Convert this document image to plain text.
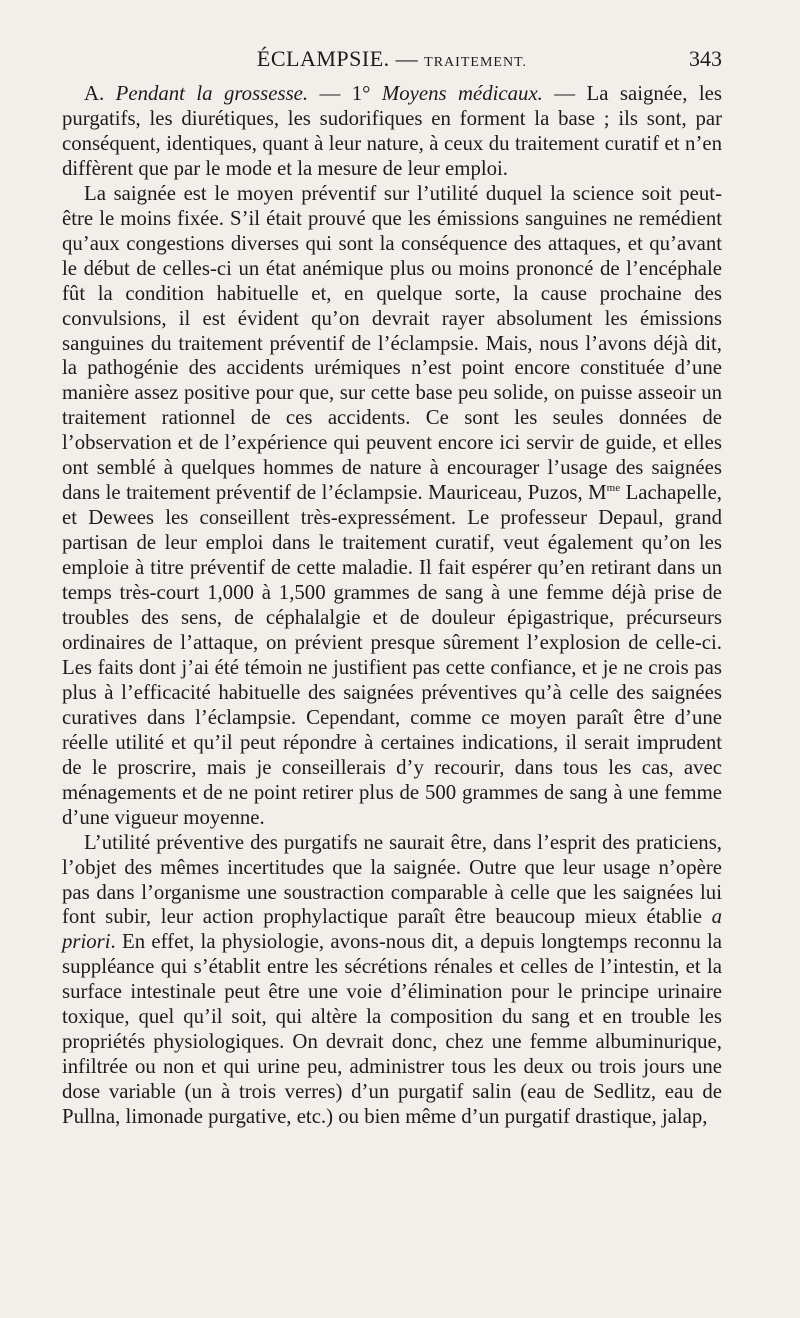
ÉCLAMPSIE. — TRAITEMENT.	343

A. Pendant la grossesse. — 1° Moyens médicaux. — La saignée, les purgatifs, les diurétiques, les sudorifiques en forment la base ; ils sont, par conséquent, identiques, quant à leur nature, à ceux du traitement curatif et n’en diffèrent que par le mode et la mesure de leur emploi.

La saignée est le moyen préventif sur l’utilité duquel la science soit peut-être le moins fixée. S’il était prouvé que les émissions sanguines ne remédient qu’aux congestions diverses qui sont la conséquence des attaques, et qu’avant le début de celles-ci un état anémique plus ou moins prononcé de l’encéphale fût la condition habituelle et, en quelque sorte, la cause prochaine des convulsions, il est évident qu’on devrait rayer absolument les émissions sanguines du traitement préventif de l’éclampsie. Mais, nous l’avons déjà dit, la pathogénie des accidents urémiques n’est point encore constituée d’une manière assez positive pour que, sur cette base peu solide, on puisse asseoir un traitement rationnel de ces accidents. Ce sont les seules données de l’observation et de l’expérience qui peuvent encore ici servir de guide, et elles ont semblé à quelques hommes de nature à encourager l’usage des saignées dans le traitement préventif de l’éclampsie. Mauriceau, Puzos, $M^{me}$ Lachapelle, et Dewees les conseillent très-expressément. Le professeur Depaul, grand partisan de leur emploi dans le traitement curatif, veut également qu’on les emploie à titre préventif de cette maladie. Il fait espérer qu’en retirant dans un temps très-court 1,000 à 1,500 grammes de sang à une femme déjà prise de troubles des sens, de céphalalgie et de douleur épigastrique, précurseurs ordinaires de l’attaque, on prévient presque sûrement l’explosion de celle-ci. Les faits dont j’ai été témoin ne justifient pas cette confiance, et je ne crois pas plus à l’efficacité habituelle des saignées préventives qu’à celle des saignées curatives dans l’éclampsie. Cependant, comme ce moyen paraît être d’une réelle utilité et qu’il peut répondre à certaines indications, il serait imprudent de le proscrire, mais je conseillerais d’y recourir, dans tous les cas, avec ménagements et de ne point retirer plus de 500 grammes de sang à une femme d’une vigueur moyenne.

L’utilité préventive des purgatifs ne saurait être, dans l’esprit des praticiens, l’objet des mêmes incertitudes que la saignée. Outre que leur usage n’opère pas dans l’organisme une soustraction comparable à celle que les saignées lui font subir, leur action prophylactique paraît être beaucoup mieux établie a priori. En effet, la physiologie, avons-nous dit, a depuis longtemps reconnu la suppléance qui s’établit entre les sécrétions rénales et celles de l’intestin, et la surface intestinale peut être une voie d’élimination pour le principe urinaire toxique, quel qu’il soit, qui altère la composition du sang et en trouble les propriétés physiologiques. On devrait donc, chez une femme albuminurique, infiltrée ou non et qui urine peu, administrer tous les deux ou trois jours une dose variable (un à trois verres) d’un purgatif salin (eau de Sedlitz, eau de Pullna, limonade purgative, etc.) ou bien même d’un purgatif drastique, jalap,
